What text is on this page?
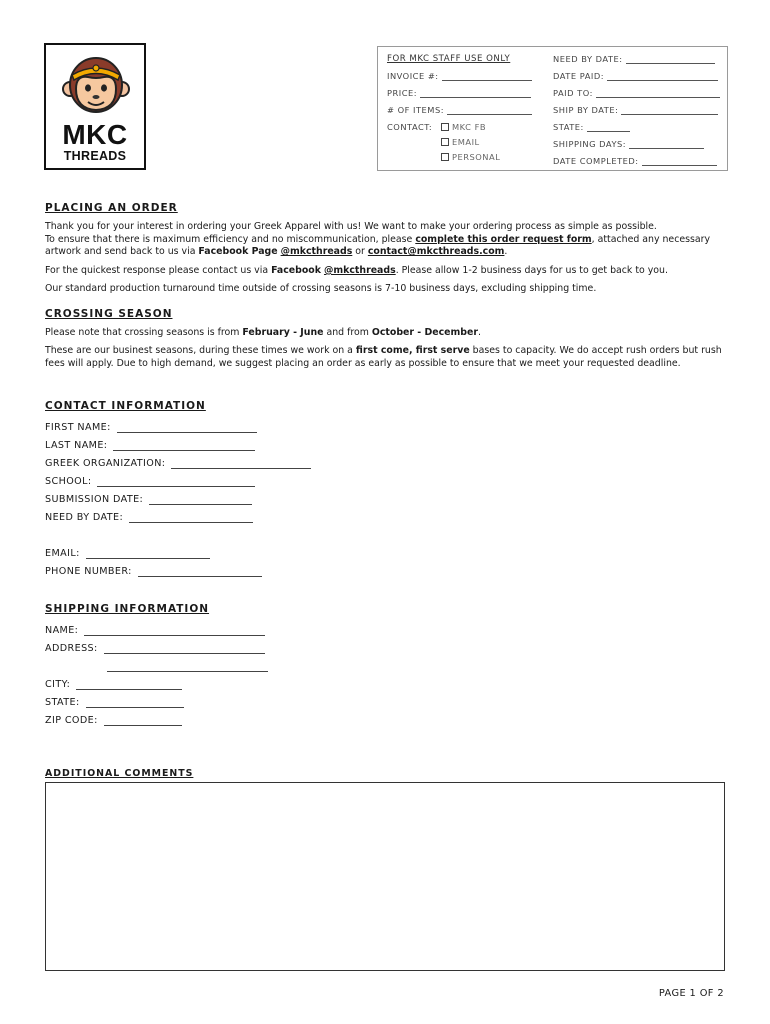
MKC
THREADS
FOR MKC STAFF USE ONLY
INVOICE #:
PRICE:
# OF ITEMS:
CONTACT: MKC FB
EMAIL
PERSONAL
NEED BY DATE:
DATE PAID:
PAID TO:
SHIP BY DATE:
STATE:
SHIPPING DAYS:
DATE COMPLETED:
PLACING AN ORDER
Thank you for your interest in ordering your Greek Apparel with us! We want to make your ordering process as simple as possible.
To ensure that there is maximum efficiency and no miscommunication, please complete this order request form, attached any necessary artwork and send back to us via Facebook Page @mkcthreads or contact@mkcthreads.com.
For the quickest response please contact us via Facebook @mkcthreads. Please allow 1-2 business days for us to get back to you.
Our standard production turnaround time outside of crossing seasons is 7-10 business days, excluding shipping time.
CROSSING SEASON
Please note that crossing seasons is from February - June and from October - December.
These are our businest seasons, during these times we work on a first come, first serve bases to capacity. We do accept rush orders but rush fees will apply. Due to high demand, we suggest placing an order as early as possible to ensure that we meet your requested deadline.
CONTACT INFORMATION
FIRST NAME:
LAST NAME:
GREEK ORGANIZATION:
SCHOOL:
SUBMISSION DATE:
NEED BY DATE:
EMAIL:
PHONE NUMBER:
SHIPPING INFORMATION
NAME:
ADDRESS:
CITY:
STATE:
ZIP CODE:
ADDITIONAL COMMENTS
PAGE 1 OF 2
